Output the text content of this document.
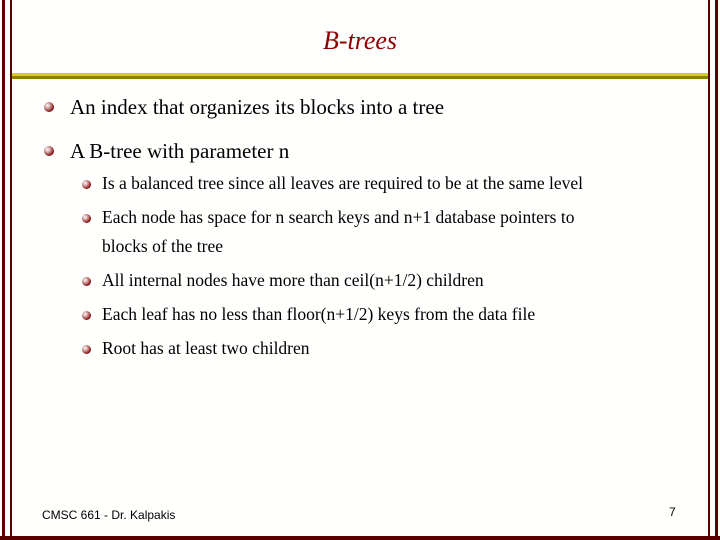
B-trees
An index that organizes its blocks into a tree
A B-tree with parameter n
Is a balanced tree since all leaves are required to be at the same level
Each node has space for n search keys and n+1 database pointers to
blocks of the tree
All internal nodes have more than ceil(n+1/2) children
Each leaf has no less than floor(n+1/2) keys from the data file
Root has at least two children
CMSC 661 - Dr. Kalpakis	7
